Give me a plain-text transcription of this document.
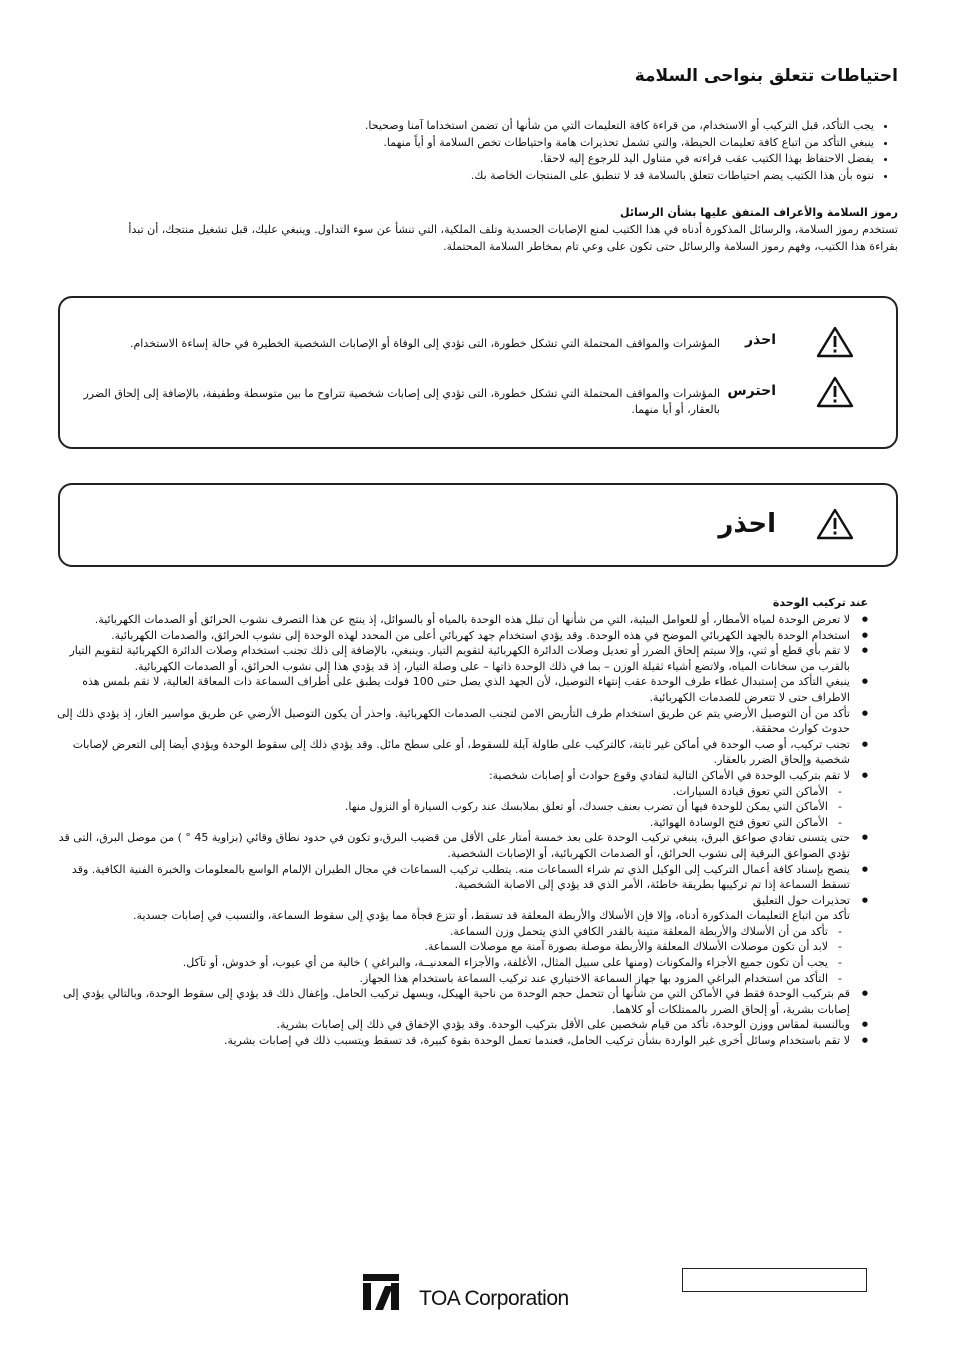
احتياطات تتعلق بنواحى السلامة
• يجب التأكد، قبل التركيب أو الاستخدام، من قراءة كافة التعليمات التي من شأنها أن تضمن استخداما آمنا وصحيحا.
• ينبغي التأكد من اتباع كافة تعليمات الحيطة، والتي تشمل تحذيرات هامة واحتياطات تخص السلامة أو أياً منهما.
• يفضل الاحتفاظ بهذا الكتيب عقب قراءته في متناول اليد للرجوع إليه لاحقا.
• ننوه بأن هذا الكتيب يضم احتياطات تتعلق بالسلامة قد لا تنطبق على المنتجات الخاصة بك.

رموز السلامة والأعراف المتفق عليها بشأن الرسائل

تستخدم رموز السلامة، والرسائل المذكورة أدناه في هذا الكتيب لمنع الإصابات الجسدية وتلف الملكية، التي تنشأ عن سوء التداول. وينبغي عليك، قبل تشغيل منتجك، أن تبدأ بقراءة هذا الكتيب، وفهم رموز السلامة والرسائل حتى تكون على وعي تام بمخاطر السلامة المحتملة.

احذر
المؤشرات والمواقف المحتملة التي تشكل خطورة، التى تؤدي إلى الوفاة أو الإصابات الشخصية الخطيرة في حالة إساءة الاستخدام.
احترس
المؤشرات والمواقف المحتملة التي تشكل خطورة، التى تؤدي إلى إصابات شخصية تتراوح ما بين متوسطة وطفيفة، بالإضافة إلى إلحاق الضرر بالعقار، أو أيا منهما.
احذر

عند تركيب الوحدة

● لا تعرض الوحدة لمياه الأمطار، أو للعوامل البيئية، التي من شأنها أن تبلل هذه الوحدة بالمياه أو بالسوائل، إذ ينتج عن هذا التصرف نشوب الحرائق أو الصدمات الكهربائية.
● استخدام الوحدة بالجهد الكهربائي الموضح في هذه الوحدة. وقد يؤدي استخدام جهد كهربائي أعلى من المحدد لهذه الوحدة إلى نشوب الحرائق، والصدمات الكهربائية.
● لا تقم بأي قطع أو ثني، وإلا سيتم إلحاق الضرر أو تعديل وصلات الدائرة الكهربائية لتقويم التيار. وينبغي، بالإضافة إلى ذلك تجنب استخدام وصلات الدائرة الكهربائية لتقويم التيار بالقرب من سخانات المياه، ولاتضع أشياء ثقيلة الوزن – بما في ذلك الوحدة ذاتها – على وصلة التيار، إذ قد يؤدي هذا إلى نشوب الحرائق، أو الصدمات الكهربائية.
● ينبغي التأكد من إستبدال غطاء طرف الوحدة عقب إنتهاء التوصيل، لأن الجهد الذي يصل حتى 100 فولت يطبق على أطراف السماعة ذات المعاقة العالية، لا تقم بلمس هذه الاطراف حتى لا تتعرض للصدمات الكهربائية.
● تأكد من أن التوصيل الأرضي يتم عن طريق استخدام طرف التأريض الامن لتجنب الصدمات الكهربائية. واحذر أن يكون التوصيل الأرضي عن طريق مواسير الغاز، إذ يؤدي ذلك إلى حدوث كوارث محققة.
● تجنب تركيب، أو صب الوحدة في أماكن غير ثابتة، كالتركيب على طاولة آيلة للسقوط، أو على سطح مائل. وقد يؤدي ذلك إلى سقوط الوحدة ويؤدي أيضا إلى التعرض لإصابات شخصية وإلحاق الضرر بالعقار.
● لا تقم بتركيب الوحدة في الأماكن التالية لتفادي وقوع حوادث أو إصابات شخصية:
- الأماكن التي تعوق قيادة السيارات.
- الأماكن التي يمكن للوحدة فيها أن تضرب بعنف جسدك، أو تعلق بملابسك عند ركوب السيارة أو النزول منها.
- الأماكن التي تعوق فتح الوسادة الهوائية.
● حتى يتسنى تفادي صواعق البرق، ينبغي تركيب الوحدة على بعد خمسة أمتار على الأقل من قضيب البرق،و تكون في حدود نطاق وقائي (بزاوية 45 ° ) من موصل البرق، التى قد تؤدي الصواعق البرقية إلى نشوب الحرائق، أو الصدمات الكهربائية، أو الإصابات الشخصية.
● ينصح بإسناد كافة أعمال التركيب إلى الوكيل الذي تم شراء السماعات منه. يتطلب تركيب السماعات في مجال الطيران الإلمام الواسع بالمعلومات والخبرة الفنية الكافية. وقد تسقط السماعة إذا تم تركيبها بطريقة خاطئة، الأمر الذي قد يؤدي إلى الاصابة الشخصية.
● تحذيرات حول التعليق
تأكد من اتباع التعليمات المذكورة أدناه، وإلا فإن الأسلاك والأربطة المعلقة قد تسقط، أو تتزع فجأة مما يؤدي إلى سقوط السماعة، والتسبب في إصابات جسدية.
- تأكد من أن الأسلاك والأربطة المعلقة متينة بالقدر الكافي الذي يتحمل وزن السماعة.
- لابد أن تكون موصلات الأسلاك المعلقة والأربطة موصلة بصورة آمنة مع موصلات السماعة.
- يجب أن تكون جميع الأجزاء والمكونات (ومنها على سبيل المثال، الأغلفة، والأجزاء المعدنيــة، والبراغي ) خالية من أي عيوب، أو خدوش، أو تآكل.
- التأكد من استخدام البراغي المزود بها جهاز السماعة الاختياري عند تركيب السماعة باستخدام هذا الجهاز.
● قم بتركيب الوحدة فقط في الأماكن التي من شأنها أن تتحمل حجم الوحدة من ناحية الهيكل، ويسهل تركيب الحامل. وإغفال ذلك قد يؤدي إلى سقوط الوحدة، وبالتالي يؤدي إلى إصابات بشرية، أو إلحاق الضرر بالممتلكات أو كلاهما.
● وبالنسبة لمقاس ووزن الوحدة، تأكد من قيام شخصين على الأقل بتركيب الوحدة. وقد يؤدي الإخفاق في ذلك إلى إصابات بشرية.
● لا تقم باستخدام وسائل أخرى غير الواردة بشأن تركيب الحامل، فعندما تعمل الوحدة بقوة كبيرة، قد تسقط ويتسبب ذلك في إصابات بشرية.
TOA Corporation
